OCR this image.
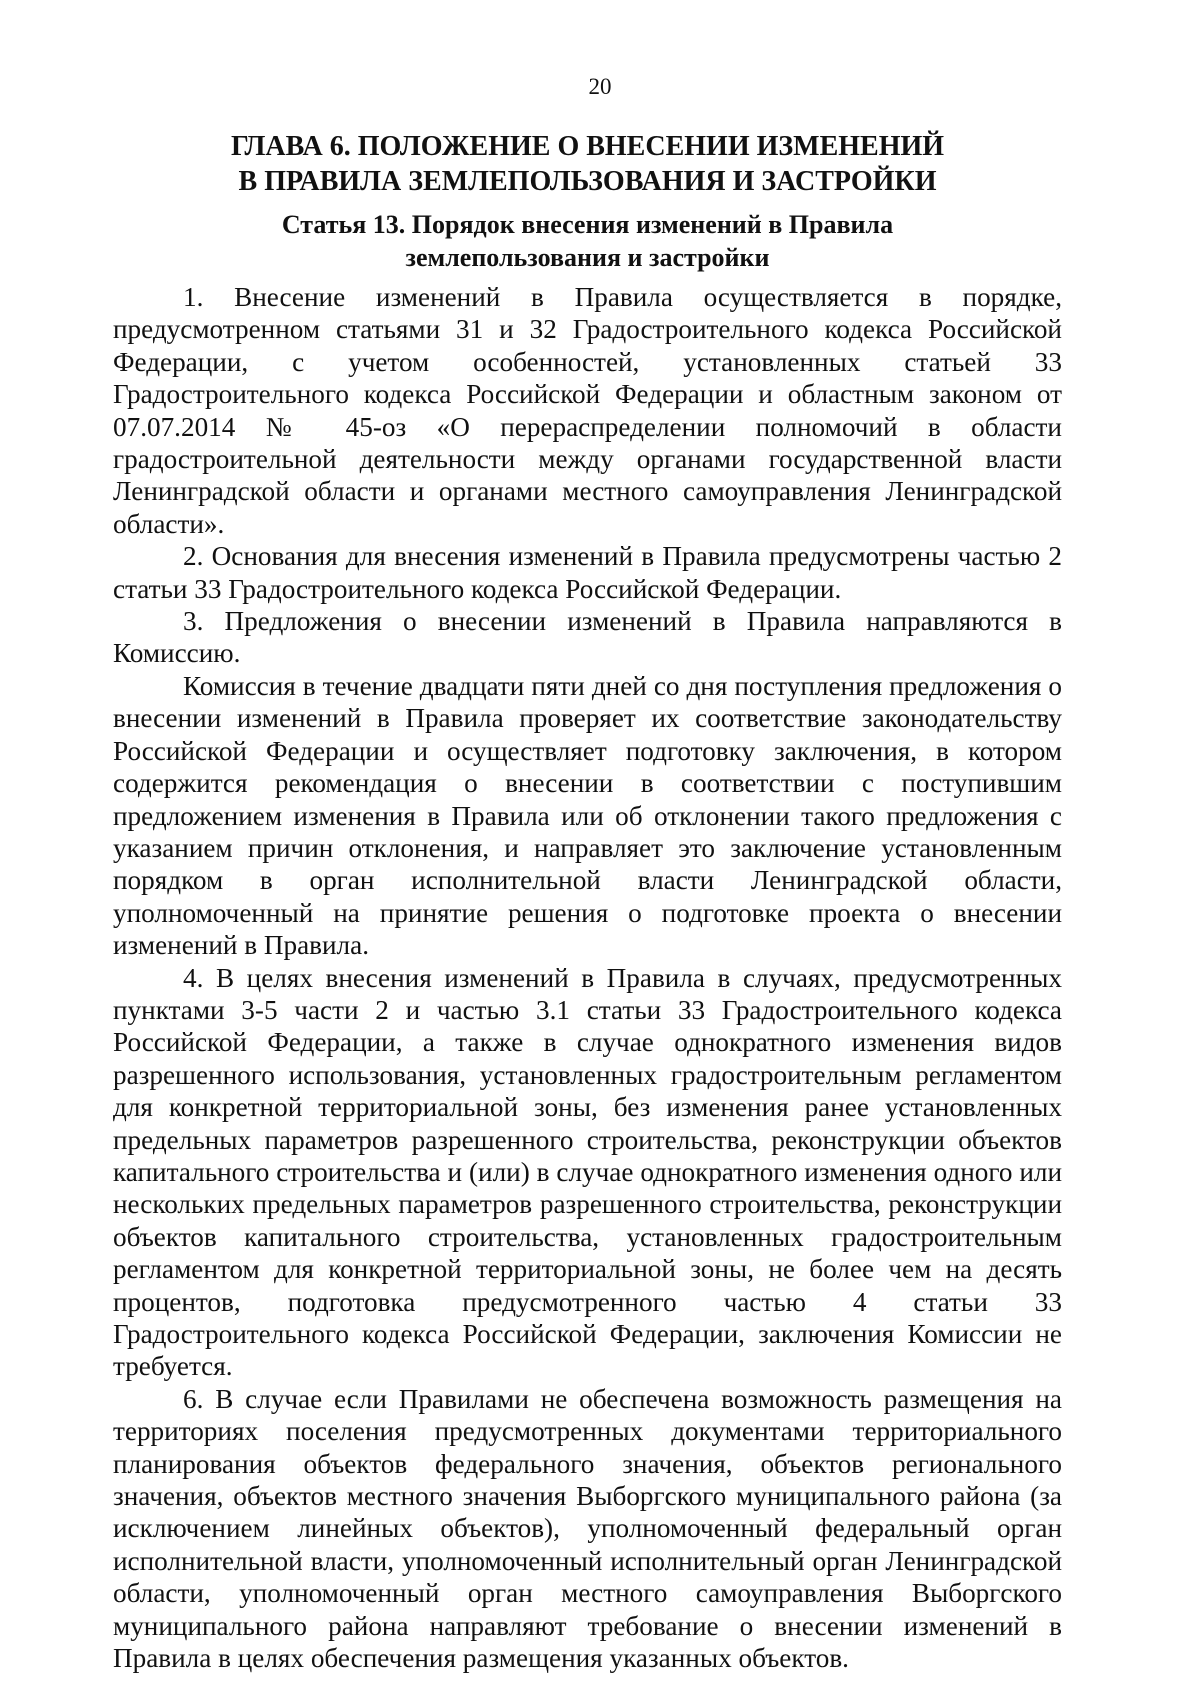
20

ГЛАВА 6. ПОЛОЖЕНИЕ О ВНЕСЕНИИ ИЗМЕНЕНИЙ
В ПРАВИЛА ЗЕМЛЕПОЛЬЗОВАНИЯ И ЗАСТРОЙКИ
Статья 13. Порядок внесения изменений в Правила
землепользования и застройки

1. Внесение изменений в Правила осуществляется в порядке, предусмотренном статьями 31 и 32 Градостроительного кодекса Российской Федерации, с учетом особенностей, установленных статьей 33 Градостроительного кодекса Российской Федерации и областным законом от 07.07.2014 № 45-оз «О перераспределении полномочий в области градостроительной деятельности между органами государственной власти Ленинградской области и органами местного самоуправления Ленинградской области».

2. Основания для внесения изменений в Правила предусмотрены частью 2 статьи 33 Градостроительного кодекса Российской Федерации.

3. Предложения о внесении изменений в Правила направляются в Комиссию.

Комиссия в течение двадцати пяти дней со дня поступления предложения о внесении изменений в Правила проверяет их соответствие законодательству Российской Федерации и осуществляет подготовку заключения, в котором содержится рекомендация о внесении в соответствии с поступившим предложением изменения в Правила или об отклонении такого предложения с указанием причин отклонения, и направляет это заключение установленным порядком в орган исполнительной власти Ленинградской области, уполномоченный на принятие решения о подготовке проекта о внесении изменений в Правила.

4. В целях внесения изменений в Правила в случаях, предусмотренных пунктами 3-5 части 2 и частью 3.1 статьи 33 Градостроительного кодекса Российской Федерации, а также в случае однократного изменения видов разрешенного использования, установленных градостроительным регламентом для конкретной территориальной зоны, без изменения ранее установленных предельных параметров разрешенного строительства, реконструкции объектов капитального строительства и (или) в случае однократного изменения одного или нескольких предельных параметров разрешенного строительства, реконструкции объектов капитального строительства, установленных градостроительным регламентом для конкретной территориальной зоны, не более чем на десять процентов, подготовка предусмотренного частью 4 статьи 33 Градостроительного кодекса Российской Федерации, заключения Комиссии не требуется.

6. В случае если Правилами не обеспечена возможность размещения на территориях поселения предусмотренных документами территориального планирования объектов федерального значения, объектов регионального значения, объектов местного значения Выборгского муниципального района (за исключением линейных объектов), уполномоченный федеральный орган исполнительной власти, уполномоченный исполнительный орган Ленинградской области, уполномоченный орган местного самоуправления Выборгского муниципального района направляют требование о внесении изменений в Правила в целях обеспечения размещения указанных объектов.
